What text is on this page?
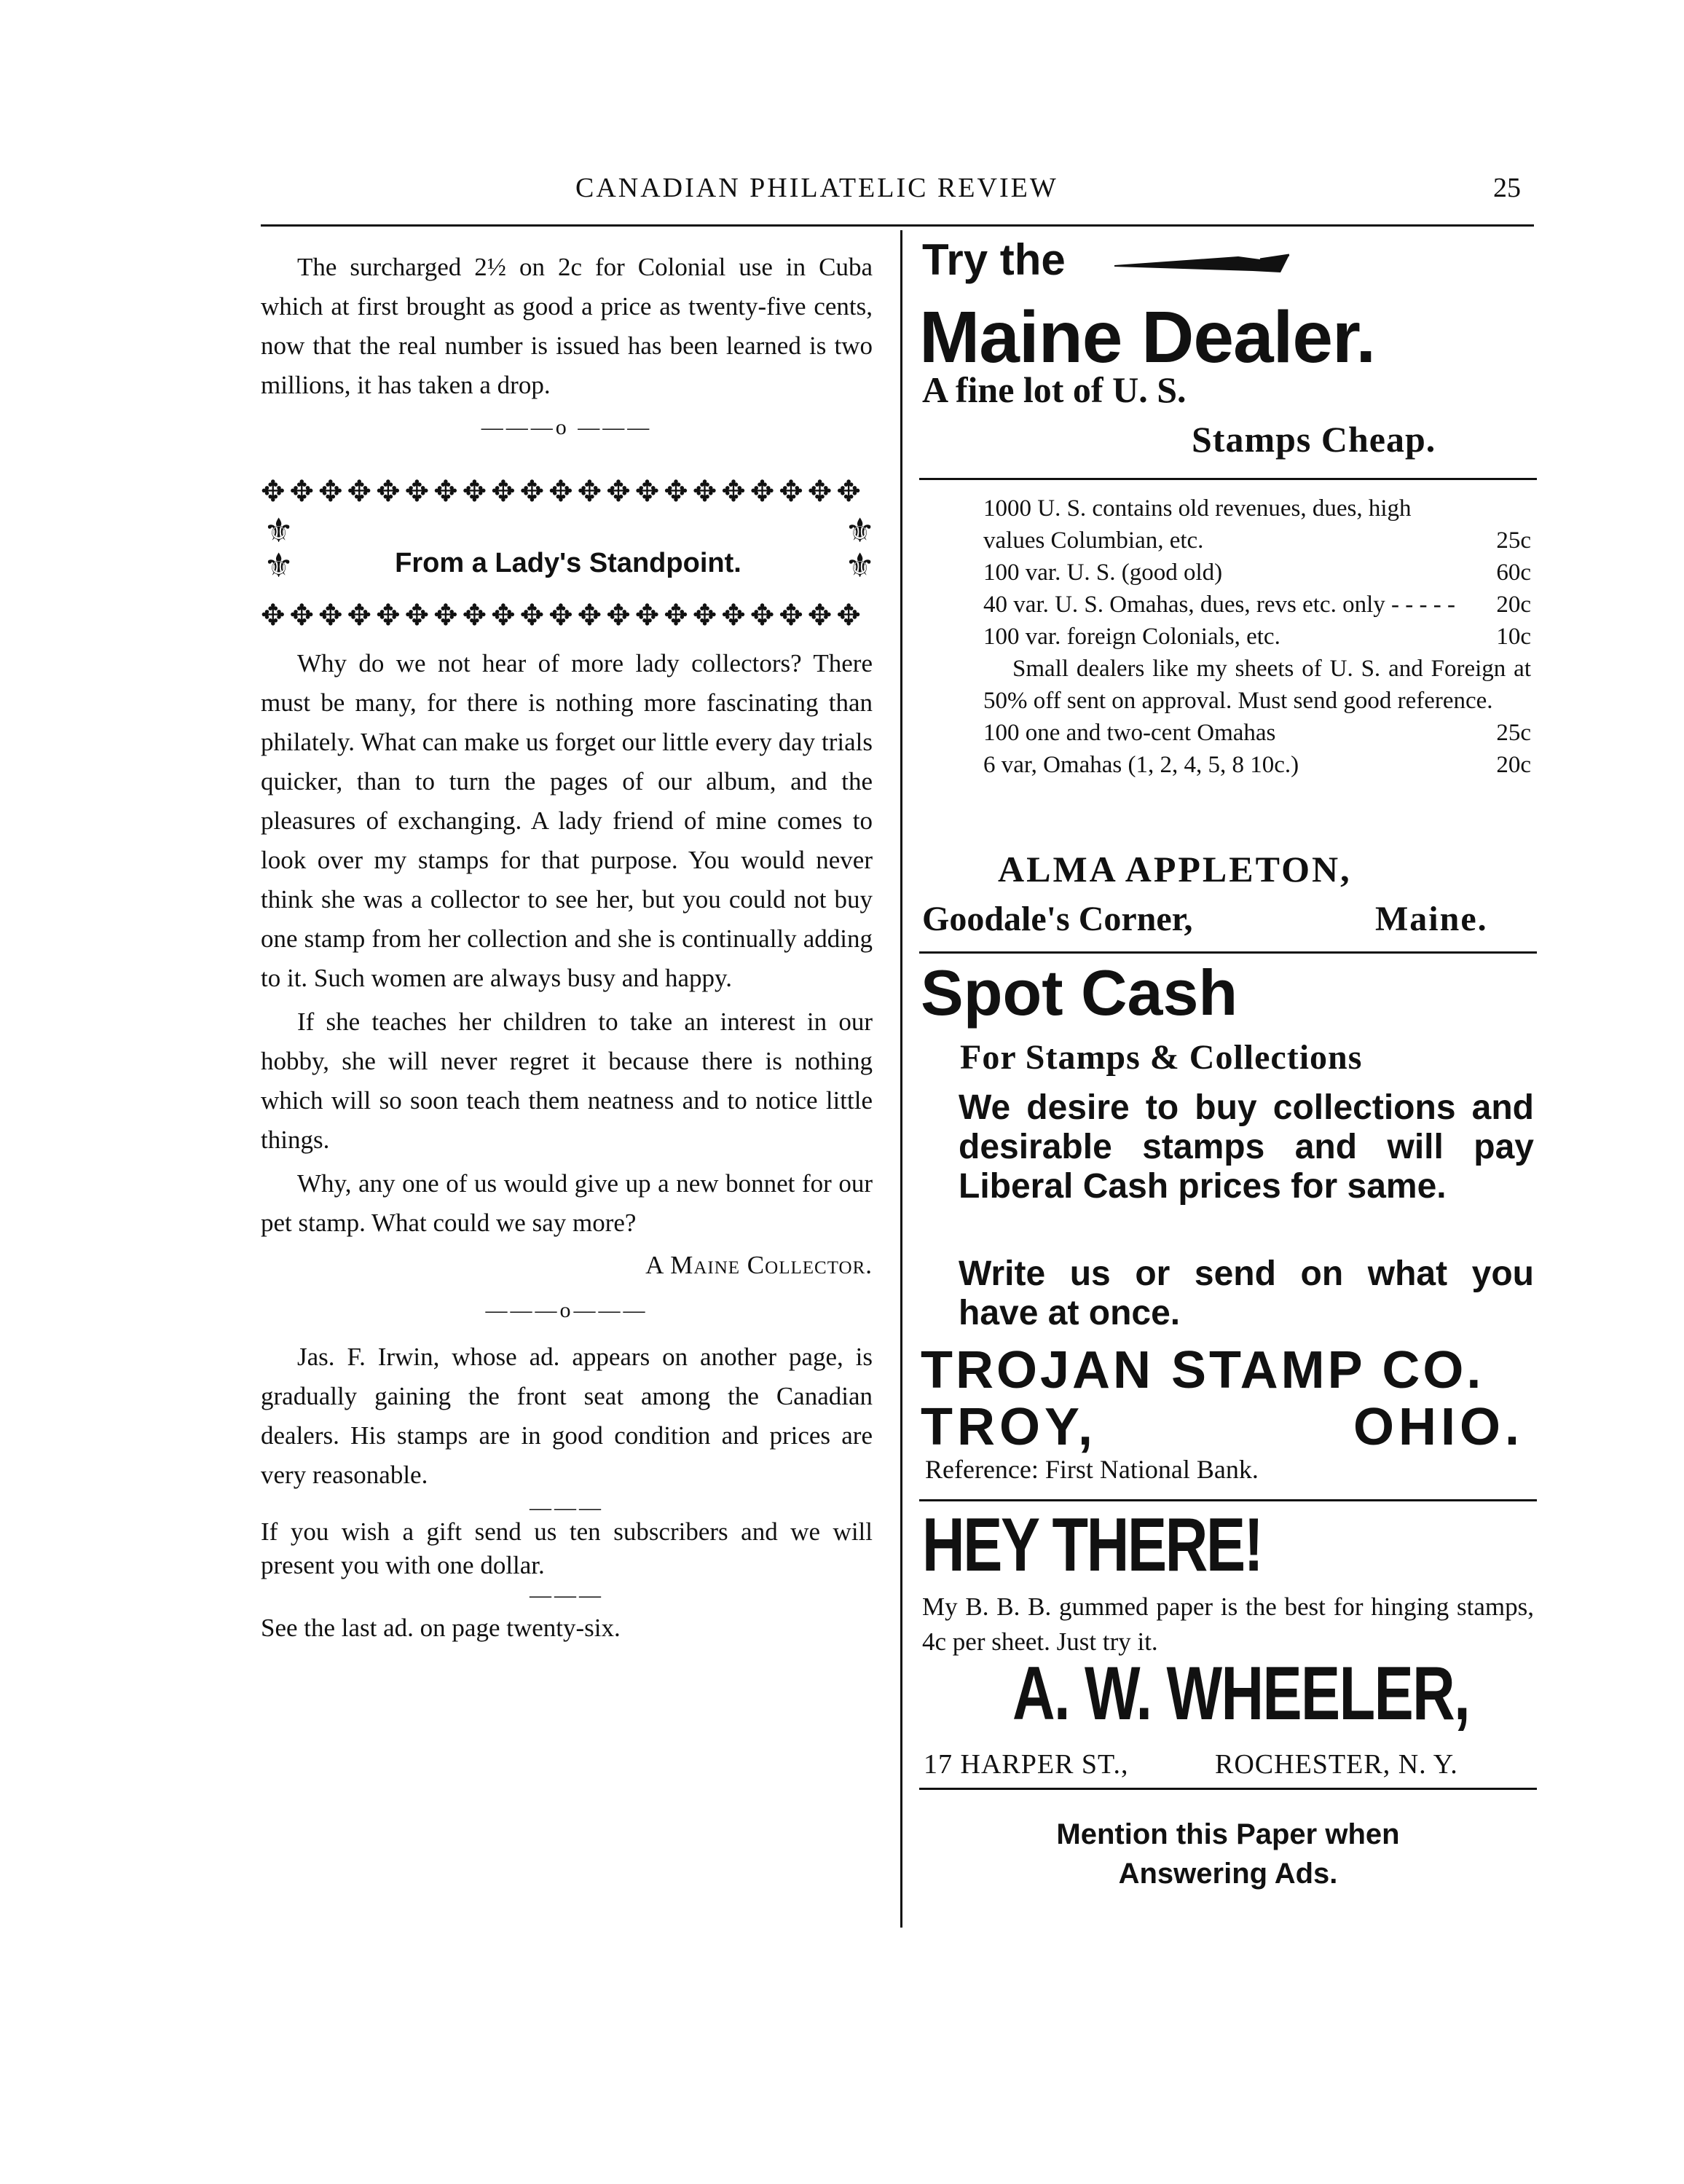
CANADIAN PHILATELIC REVIEW	25

The surcharged 2½ on 2c for Colonial use in Cuba which at first brought as good a price as twenty-five cents, now that the real number is issued has been learned is two millions, it has taken a drop.

———o ———
✥✥✥✥✥✥✥✥✥✥✥✥✥✥✥✥✥✥✥✥✥
⚜
⚜
⚜
⚜
From a Lady's Standpoint.
✥✥✥✥✥✥✥✥✥✥✥✥✥✥✥✥✥✥✥✥✥

Why do we not hear of more lady collectors? There must be many, for there is nothing more fascinating than philately. What can make us forget our little every day trials quicker, than to turn the pages of our album, and the pleasures of exchanging. A lady friend of mine comes to look over my stamps for that purpose. You would never think she was a collector to see her, but you could not buy one stamp from her collection and she is continually adding to it. Such women are always busy and happy.

If she teaches her children to take an interest in our hobby, she will never regret it because there is nothing which will so soon teach them neatness and to notice little things.

Why, any one of us would give up a new bonnet for our pet stamp. What could we say more?

A Maine Collector.
———o———

Jas. F. Irwin, whose ad. appears on another page, is gradually gaining the front seat among the Canadian dealers. His stamps are in good condition and prices are very reasonable.

———

If you wish a gift send us ten subscribers and we will present you with one dollar.

———

See the last ad. on page twenty-six.

Try the
Maine Dealer.
A fine lot of U. S.
Stamps Cheap.
1000 U. S. contains old revenues, dues, high values Columbian, etc.	25c
100 var. U. S. (good old)	60c
40 var. U. S. Omahas, dues, revs etc. only - - - - - 20c
100 var. foreign Colonials, etc.	10c
Small dealers like my sheets of U. S. and Foreign at 50% off sent on approval. Must send good reference.
100 one and two-cent Omahas	25c
6 var, Omahas (1, 2, 4, 5, 8 10c.)	20c
ALMA APPLETON,
Goodale's Corner,	Maine.
Spot Cash
For Stamps & Collections
We desire to buy collections and desirable stamps and will pay Liberal Cash prices for same.
Write us or send on what you have at once.
TROJAN STAMP CO.
TROY,	OHIO.
Reference: First National Bank.
HEY THERE!
My B. B. B. gummed paper is the best for hinging stamps, 4c per sheet. Just try it.
A. W. WHEELER,
17 HARPER ST.,	ROCHESTER, N. Y.
Mention this Paper when
Answering Ads.
